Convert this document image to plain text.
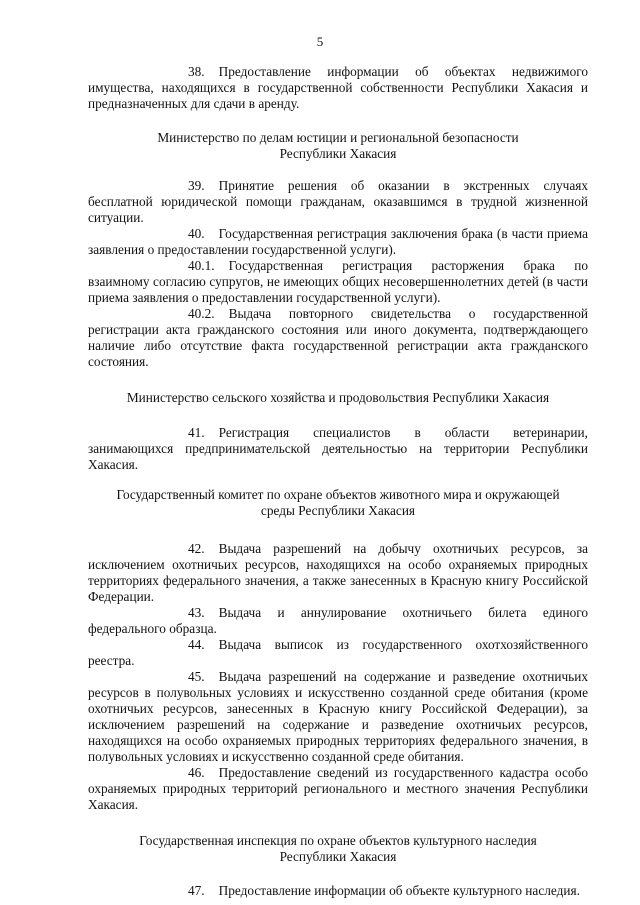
5

38. Предоставление информации об объектах недвижимого имущества, находящихся в государственной собственности Республики Хакасия и предназначенных для сдачи в аренду.

Министерство по делам юстиции и региональной безопасности
Республики Хакасия

39. Принятие решения об оказании в экстренных случаях бесплатной юридической помощи гражданам, оказавшимся в трудной жизненной ситуации.

40. Государственная регистрация заключения брака (в части приема заявления о предоставлении государственной услуги).

40.1. Государственная регистрация расторжения брака по взаимному согласию супругов, не имеющих общих несовершеннолетних детей (в части приема заявления о предоставлении государственной услуги).

40.2. Выдача повторного свидетельства о государственной регистрации акта гражданского состояния или иного документа, подтверждающего наличие либо отсутствие факта государственной регистрации акта гражданского состояния.

Министерство сельского хозяйства и продовольствия Республики Хакасия

41. Регистрация специалистов в области ветеринарии, занимающихся предпринимательской деятельностью на территории Республики Хакасия.

Государственный комитет по охране объектов животного мира и окружающей
среды Республики Хакасия

42. Выдача разрешений на добычу охотничьих ресурсов, за исключением охотничьих ресурсов, находящихся на особо охраняемых природных территориях федерального значения, а также занесенных в Красную книгу Российской Федерации.

43. Выдача и аннулирование охотничьего билета единого федерального образца.

44. Выдача выписок из государственного охотхозяйственного реестра.

45. Выдача разрешений на содержание и разведение охотничьих ресурсов в полувольных условиях и искусственно созданной среде обитания (кроме охотничьих ресурсов, занесенных в Красную книгу Российской Федерации), за исключением разрешений на содержание и разведение охотничьих ресурсов, находящихся на особо охраняемых природных территориях федерального значения, в полувольных условиях и искусственно созданной среде обитания.

46. Предоставление сведений из государственного кадастра особо охраняемых природных территорий регионального и местного значения Республики Хакасия.

Государственная инспекция по охране объектов культурного наследия
Республики Хакасия

47. Предоставление информации об объекте культурного наследия.
